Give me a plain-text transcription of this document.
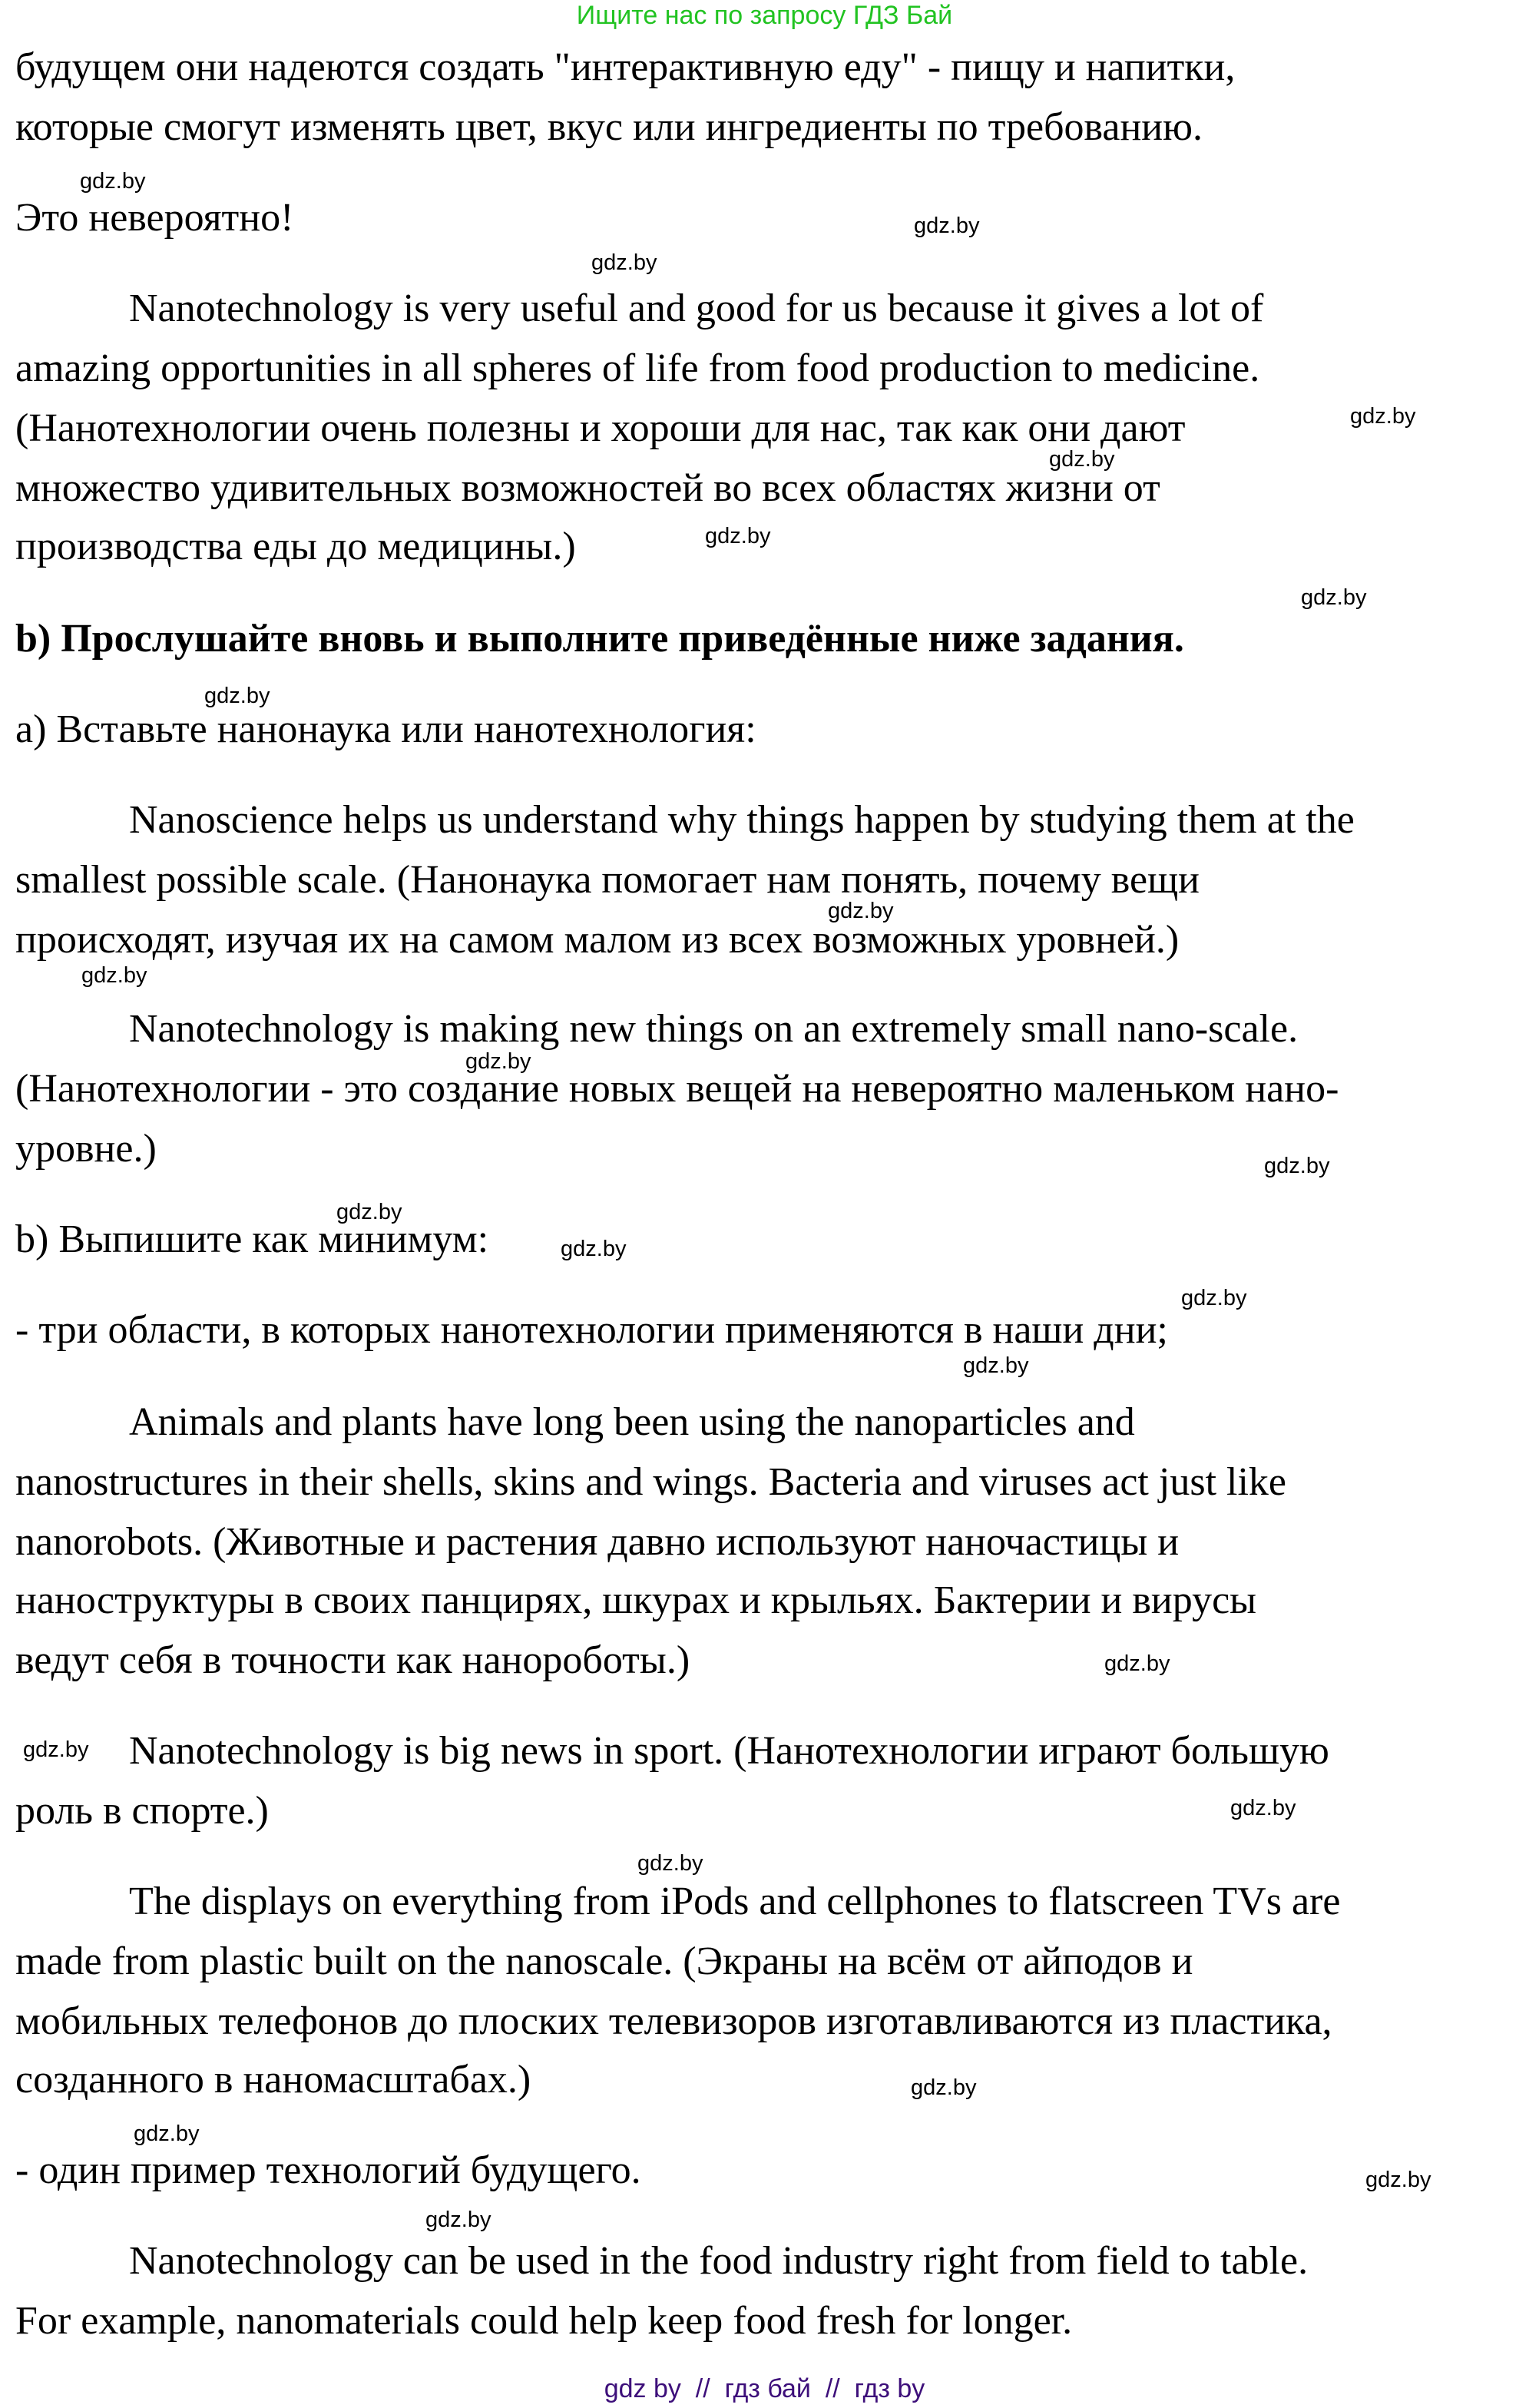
Ищите нас по запросу ГДЗ Бай
будущем они надеются создать "интерактивную еду" - пищу и напитки,
которые смогут изменять цвет, вкус или ингредиенты по требованию.
Это невероятно!
Nanotechnology is very useful and good for us because it gives a lot of
amazing opportunities in all spheres of life from food production to medicine.
(Нанотехнологии очень полезны и хороши для нас, так как они дают
множество удивительных возможностей во всех областях жизни от
производства еды до медицины.)
b) Прослушайте вновь и выполните приведённые ниже задания.
а) Вставьте нанонаука или нанотехнология:
Nanoscience helps us understand why things happen by studying them at the
smallest possible scale. (Нанонаука помогает нам понять, почему вещи
происходят, изучая их на самом малом из всех возможных уровней.)
Nanotechnology is making new things on an extremely small nano-scale.
(Нанотехнологии - это создание новых вещей на невероятно маленьком нано-
уровне.)
b) Выпишите как минимум:
- три области, в которых нанотехнологии применяются в наши дни;
Animals and plants have long been using the nanoparticles and
nanostructures in their shells, skins and wings. Bacteria and viruses act just like
nanorobots. (Животные и растения давно используют наночастицы и
наноструктуры в своих панцирях, шкурах и крыльях. Бактерии и вирусы
ведут себя в точности как нанороботы.)
Nanotechnology is big news in sport. (Нанотехнологии играют большую
роль в спорте.)
The displays on everything from iPods and cellphones to flatscreen TVs are
made from plastic built on the nanoscale. (Экраны на всём от айподов и
мобильных телефонов до плоских телевизоров изготавливаются из пластика,
созданного в наномасштабах.)
- один пример технологий будущего.
Nanotechnology can be used in the food industry right from field to table.
For example, nanomaterials could help keep food fresh for longer.
gdz.by
gdz.by
gdz.by
gdz.by
gdz.by
gdz.by
gdz.by
gdz.by
gdz.by
gdz.by
gdz.by
gdz.by
gdz.by
gdz.by
gdz.by
gdz.by
gdz.by
gdz.by
gdz.by
gdz.by
gdz.by
gdz.by
gdz.by
gdz.by
gdz by  //  гдз бай  //  гдз by
